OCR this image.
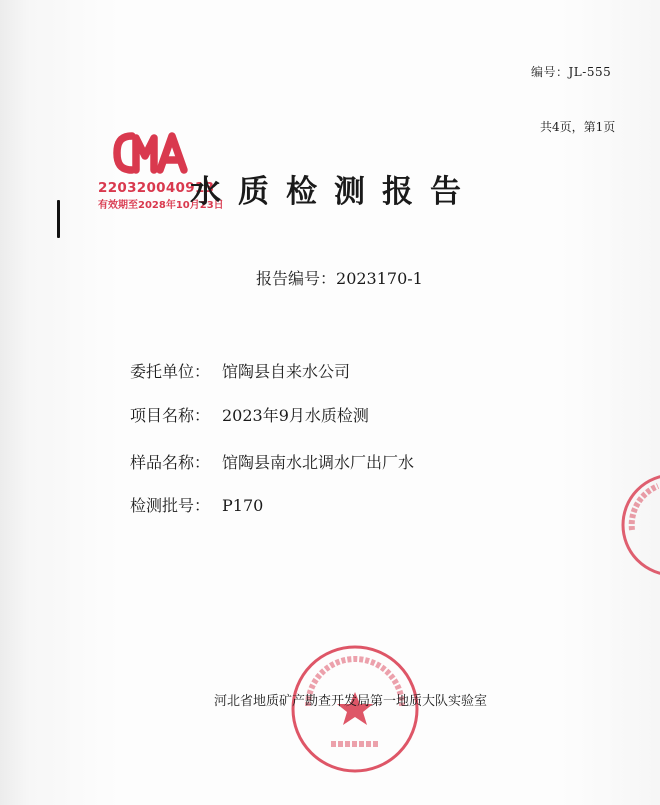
编号：JL-555
共4页，第1页
220320040913
有效期至2028年10月23日
水质检测报告
报告编号：2023170-1
委托单位： 馆陶县自来水公司
项目名称： 2023年9月水质检测
样品名称： 馆陶县南水北调水厂出厂水
检测批号： P170
河北省地质矿产勘查开发局第一地质大队实验室
